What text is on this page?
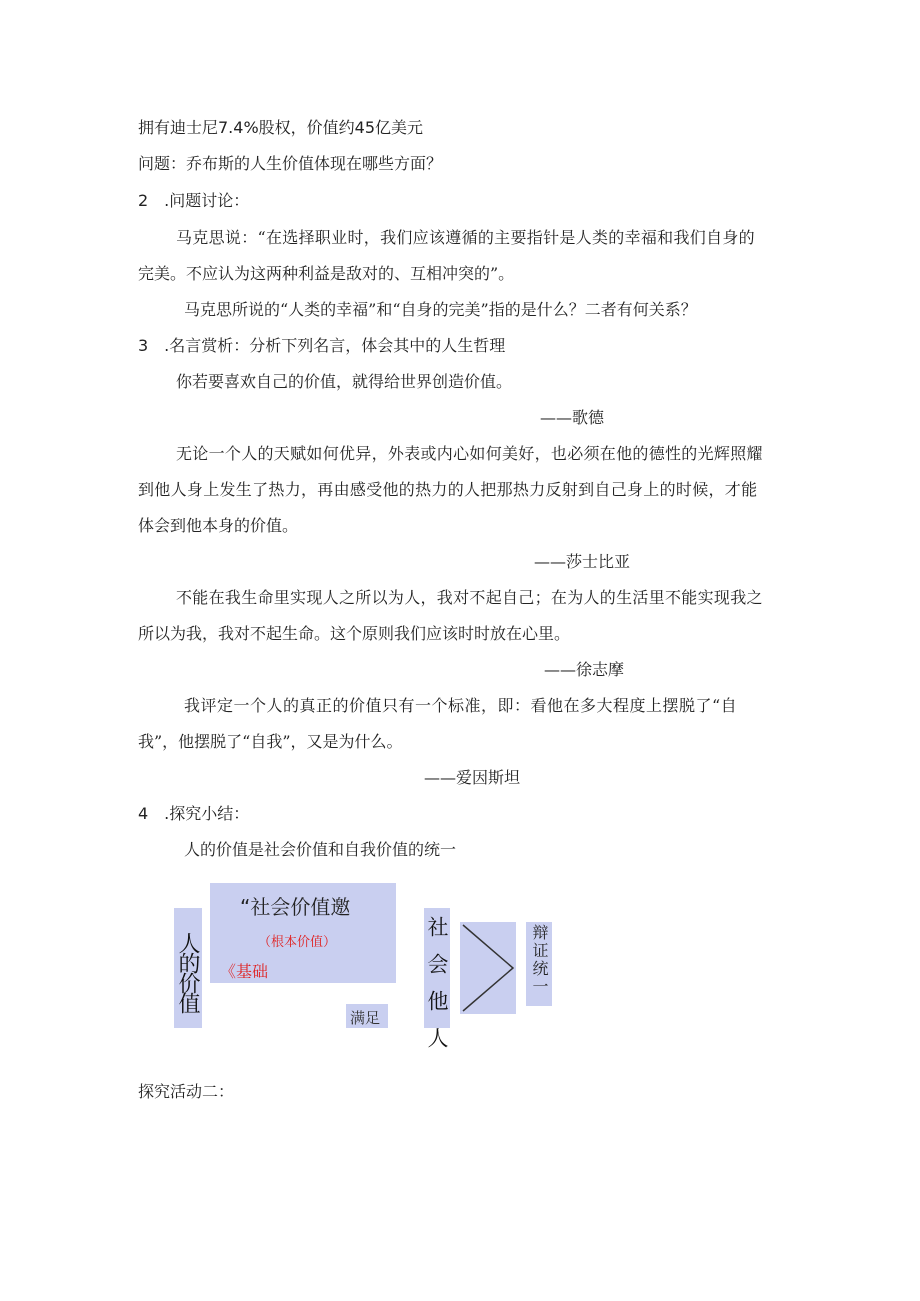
拥有迪士尼7.4%股权，价值约45亿美元
问题：乔布斯的人生价值体现在哪些方面？
2 .问题讨论：
马克思说：“在选择职业时，我们应该遵循的主要指针是人类的幸福和我们自身的
完美。不应认为这两种利益是敌对的、互相冲突的”。
马克思所说的“人类的幸福”和“自身的完美”指的是什么？二者有何关系？
3 .名言赏析：分析下列名言，体会其中的人生哲理
你若要喜欢自己的价值，就得给世界创造价值。
——歌德
无论一个人的天赋如何优异，外表或内心如何美好，也必须在他的德性的光辉照耀
到他人身上发生了热力，再由感受他的热力的人把那热力反射到自己身上的时候，才能
体会到他本身的价值。
——莎士比亚
不能在我生命里实现人之所以为人，我对不起自己；在为人的生活里不能实现我之
所以为我，我对不起生命。这个原则我们应该时时放在心里。
——徐志摩
我评定一个人的真正的价值只有一个标准，即：看他在多大程度上摆脱了“自
我”，他摆脱了“自我”，又是为什么。
——爱因斯坦
4 .探究小结：
人的价值是社会价值和自我价值的统一
人的价值
“社会价值邀
（根本价值）
《基础
满足 社会他人	辩证统一
探究活动二：
